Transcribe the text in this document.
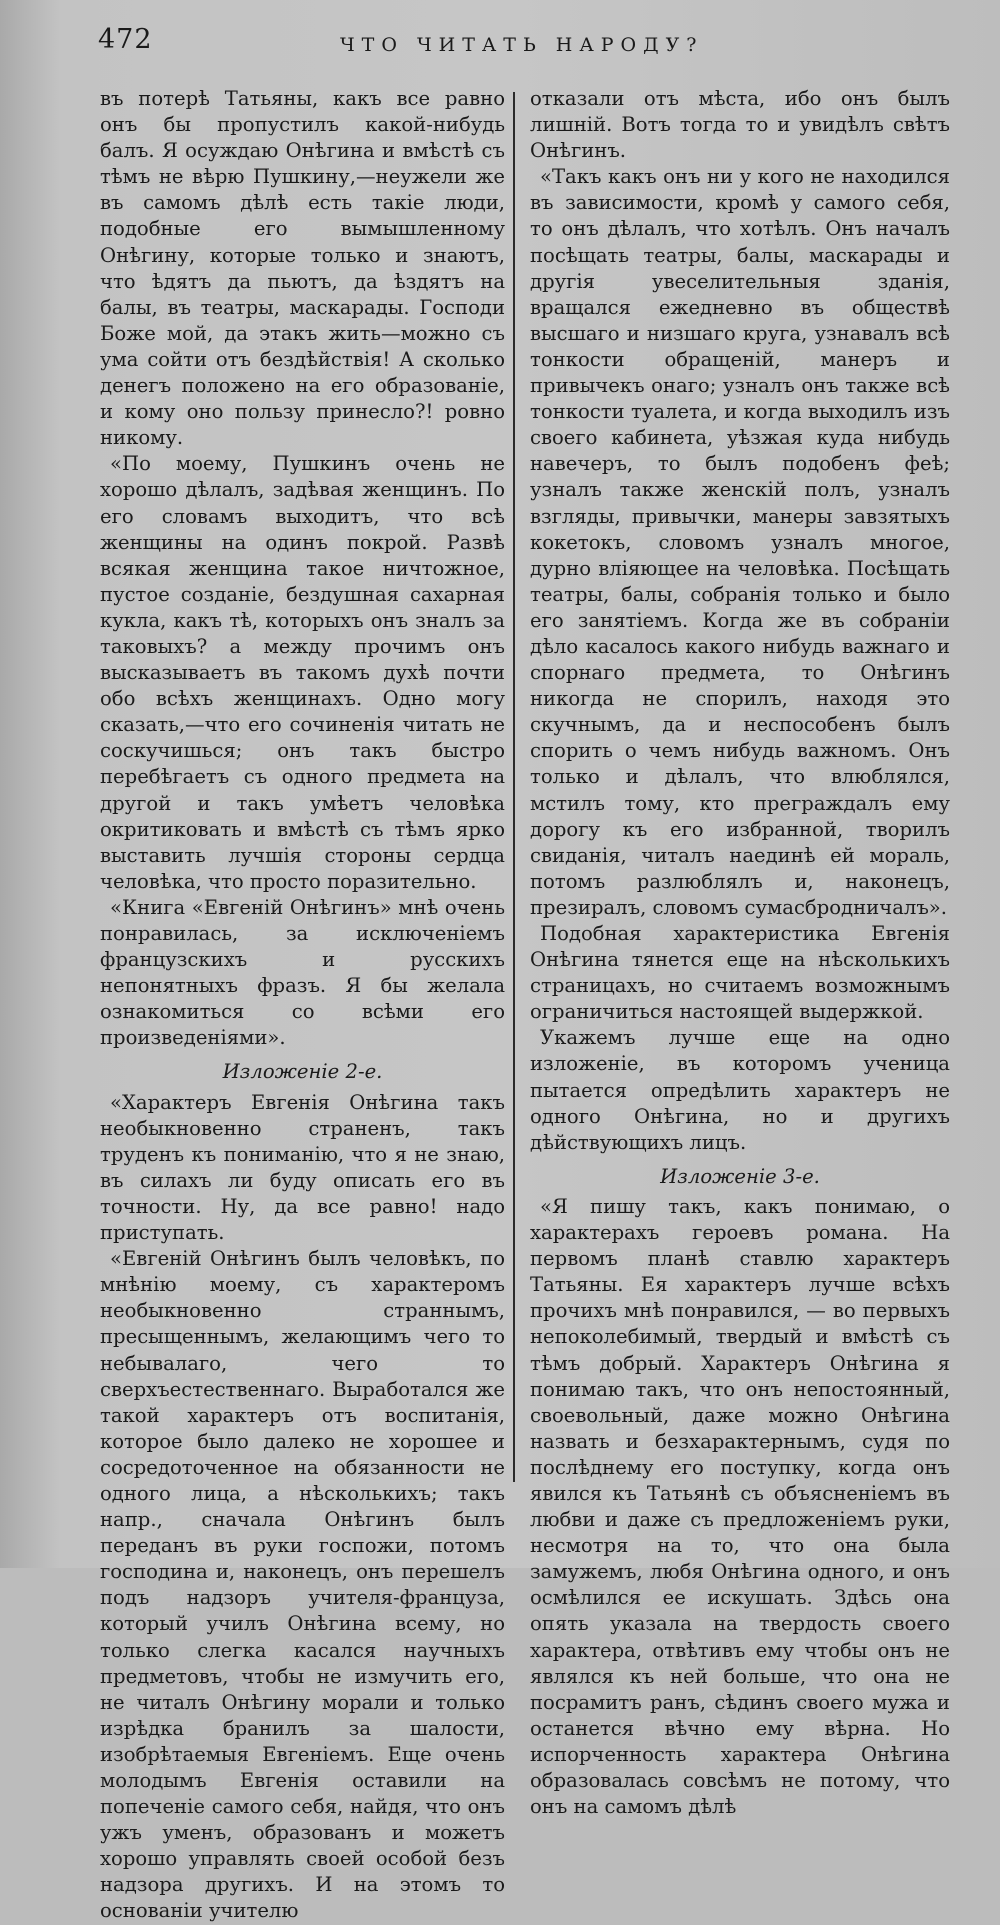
472	ЧТО ЧИТАТЬ НАРОДУ?

въ потерѣ Татьяны, какъ все равно онъ бы пропустилъ какой-нибудь балъ. Я осуждаю Онѣгина и вмѣстѣ съ тѣмъ не вѣрю Пушкину,—неужели же въ самомъ дѣлѣ есть такіе люди, подобные его вымышленному Онѣгину, которые только и знаютъ, что ѣдятъ да пьютъ, да ѣздятъ на балы, въ театры, маскарады. Господи Боже мой, да этакъ жить—можно съ ума сойти отъ бездѣйствія! А сколько денегъ положено на его образованіе, и кому оно пользу принесло?! ровно никому.

«По моему, Пушкинъ очень не хорошо дѣлалъ, задѣвая женщинъ. По его словамъ выходитъ, что всѣ женщины на одинъ покрой. Развѣ всякая женщина такое ничтожное, пустое созданіе, бездушная сахарная кукла, какъ тѣ, которыхъ онъ зналъ за таковыхъ? а между прочимъ онъ высказываетъ въ такомъ духѣ почти обо всѣхъ женщинахъ. Одно могу сказать,—что его сочиненія читать не соскучишься; онъ такъ быстро перебѣгаетъ съ одного предмета на другой и такъ умѣетъ человѣка окритиковать и вмѣстѣ съ тѣмъ ярко выставить лучшія стороны сердца человѣка, что просто поразительно.

«Книга «Евгеній Онѣгинъ» мнѣ очень понравилась, за исключеніемъ французскихъ и русскихъ непонятныхъ фразъ. Я бы желала ознакомиться со всѣми его произведеніями».

Изложеніе 2-е.

«Характеръ Евгенія Онѣгина такъ необыкновенно страненъ, такъ труденъ къ пониманію, что я не знаю, въ силахъ ли буду описать его въ точности. Ну, да все равно! надо приступать.

«Евгеній Онѣгинъ былъ человѣкъ, по мнѣнію моему, съ характеромъ необыкновенно страннымъ, пресыщеннымъ, желающимъ чего то небывалаго, чего то сверхъестественнаго. Выработался же такой характеръ отъ воспитанія, которое было далеко не хорошее и сосредоточенное на обязанности не одного лица, а нѣсколькихъ; такъ напр., сначала Онѣгинъ былъ переданъ въ руки госпожи, потомъ господина и, наконецъ, онъ перешелъ подъ надзоръ учителя-француза, который училъ Онѣгина всему, но только слегка касался научныхъ предметовъ, чтобы не измучить его, не читалъ Онѣгину морали и только изрѣдка бранилъ за шалости, изобрѣтаемыя Евгеніемъ. Еще очень молодымъ Евгенія оставили на попеченіе самого себя, найдя, что онъ ужъ уменъ, образованъ и можетъ хорошо управлять своей особой безъ надзора другихъ. И на этомъ то основаніи учителю

отказали отъ мѣста, ибо онъ былъ лишній. Вотъ тогда то и увидѣлъ свѣтъ Онѣгинъ.

«Такъ какъ онъ ни у кого не находился въ зависимости, кромѣ у самого себя, то онъ дѣлалъ, что хотѣлъ. Онъ началъ посѣщать театры, балы, маскарады и другія увеселительныя зданія, вращался ежедневно въ обществѣ высшаго и низшаго круга, узнавалъ всѣ тонкости обращеній, манеръ и привычекъ онаго; узналъ онъ также всѣ тонкости туалета, и когда выходилъ изъ своего кабинета, уѣзжая куда нибудь навечеръ, то былъ подобенъ феѣ; узналъ также женскій полъ, узналъ взгляды, привычки, манеры завзятыхъ кокетокъ, словомъ узналъ многое, дурно вліяющее на человѣка. Посѣщать театры, балы, собранія только и было его занятіемъ. Когда же въ собраніи дѣло касалось какого нибудь важнаго и спорнаго предмета, то Онѣгинъ никогда не спорилъ, находя это скучнымъ, да и неспособенъ былъ спорить о чемъ нибудь важномъ. Онъ только и дѣлалъ, что влюблялся, мстилъ тому, кто преграждалъ ему дорогу къ его избранной, творилъ свиданія, читалъ наединѣ ей мораль, потомъ разлюблялъ и, наконецъ, презиралъ, словомъ сумасбродничалъ».

Подобная характеристика Евгенія Онѣгина тянется еще на нѣсколькихъ страницахъ, но считаемъ возможнымъ ограничиться настоящей выдержкой.

Укажемъ лучше еще на одно изложеніе, въ которомъ ученица пытается опредѣлить характеръ не одного Онѣгина, но и другихъ дѣйствующихъ лицъ.

Изложеніе 3-е.

«Я пишу такъ, какъ понимаю, о характерахъ героевъ романа. На первомъ планѣ ставлю характеръ Татьяны. Ея характеръ лучше всѣхъ прочихъ мнѣ понравился, — во первыхъ непоколебимый, твердый и вмѣстѣ съ тѣмъ добрый. Характеръ Онѣгина я понимаю такъ, что онъ непостоянный, своевольный, даже можно Онѣгина назвать и безхарактернымъ, судя по послѣднему его поступку, когда онъ явился къ Татьянѣ съ объясненіемъ въ любви и даже съ предложеніемъ руки, несмотря на то, что она была замужемъ, любя Онѣгина одного, и онъ осмѣлился ее искушать. Здѣсь она опять указала на твердость своего характера, отвѣтивъ ему чтобы онъ не являлся къ ней больше, что она не посрамитъ ранъ, сѣдинъ своего мужа и останется вѣчно ему вѣрна. Но испорченность характера Онѣгина образовалась совсѣмъ не потому, что онъ на самомъ дѣлѣ
